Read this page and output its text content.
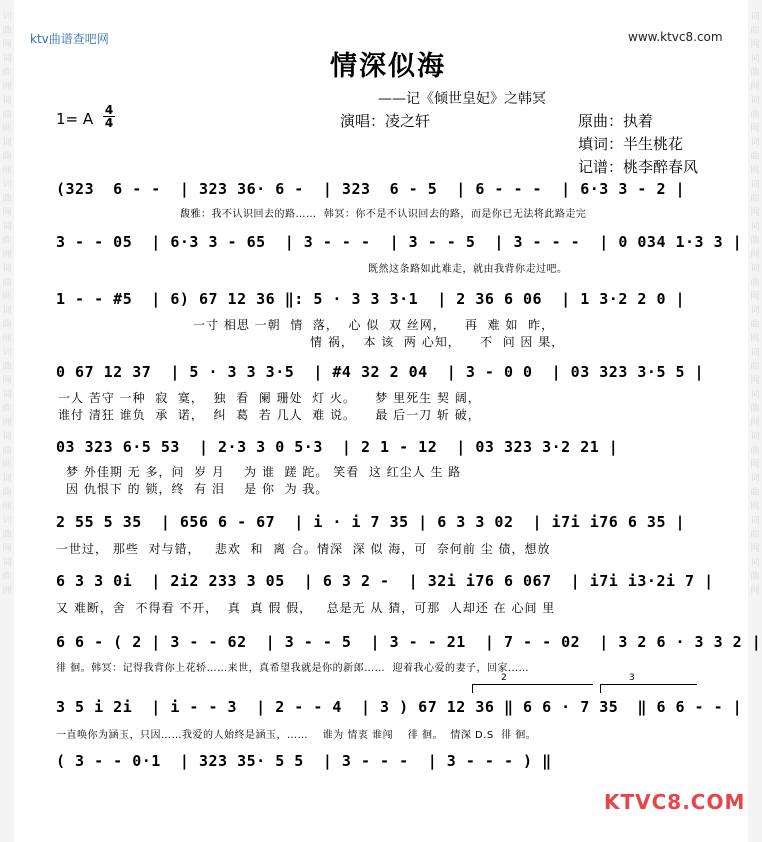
词 曲 网 词 曲 网 词 曲 网 词 曲 网 词 曲 网 词 曲 网 词 曲 网 词 曲 网 词 曲 网 词 曲 网 词 曲 网 词 曲 网 词 曲 网 词 曲 网
词 曲 网 词 曲 网 词 曲 网 词 曲 网 词 曲 网 词 曲 网 词 曲 网 词 曲 网 词 曲 网 词 曲 网 词 曲 网 词 曲 网 词 曲 网 词 曲 网
ktv曲谱查吧网	www.ktvc8.com
情深似海
——记《倾世皇妃》之韩冥
1= A 4
4	演唱：凌之轩	原曲：执着
填词：半生桃花
记谱：桃李醉春风
(323  6 - -  | 323 36· 6 -  | 323  6 - 5  | 6 - - -  | 6·3 3 - 2 |
馥雅：我不认识回去的路……  韩冥：你不是不认识回去的路，而是你已无法将此路走完
3 - - 05  | 6·3 3 - 65  | 3 - - -  | 3 - - 5  | 3 - - -  | 0 034 1·3 3 |
既然这条路如此难走，就由我背你走过吧。
1 - - #5  | 6) 67 12 36 ‖: 5 · 3 3 3·1  | 2 36 6 06  | 1 3·2 2 0 |
一寸 相思 一朝  情  落，  心 似  双 丝网，    再  难 如  昨，
情 祸，  本 该  两 心知，    不  问 因 果，
0 67 12 37  | 5 · 3 3 3·5  | #4 32 2 04  | 3 - 0 0  | 03 323 3·5 5 |
一人 苦守 一种  寂  寞，  独  看  阑 珊处  灯 火。    梦 里死生 契 阔，
谁付 清狂 谁负  承  诺，  纠  葛  若 几人  难 说。    最 后一刀 斩 破，
03 323 6·5 53  | 2·3 3 0 5·3  | 2 1 - 12  | 03 323 3·2 21 |
梦 外佳期 无 多，问  岁 月    为 谁  蹉 跎。 笑看  这 红尘人 生 路
因 仇恨下 的 锁，终  有 泪    是 你  为 我。
2 55 5 35  | 656 6 - 67  | i · i 7 35 | 6 3 3 02  | i7i i76 6 35 |
一世过， 那些  对与错，   悲欢  和  离 合。情深  深 似 海，可  奈何前 尘 债，想放
6 3 3 0i  | 2i2 233 3 05  | 6 3 2 -  | 32i i76 6 067  | i7i i3·2i 7 |
又 难断，舍  不得看 不开，  真  真 假 假，   总是无 从 猜，可那  人却还 在 心间 里
6 6 - ( 2 | 3 - - 62  | 3 - - 5  | 3 - - 21  | 7 - - 02  | 3 2 6 · 3 3 2 |
徘 徊。韩冥：记得我背你上花轿……来世，真希望我就是你的新郎……  迎着我心爱的妻子，回家……
2	3
3 5 i 2i  | i - - 3  | 2 - - 4  | 3 ) 67 12 36 ‖ 6 6 · 7 35  ‖ 6 6 - - |
一直唤你为涵玉，只因……我爱的人始终是涵玉，……    谁为 情衷 谁闯    徘 徊。  情深 D.S  徘 徊。
( 3 - - 0·1  | 323 35· 5 5  | 3 - - -  | 3 - - - ) ‖
KTVC8.COM
